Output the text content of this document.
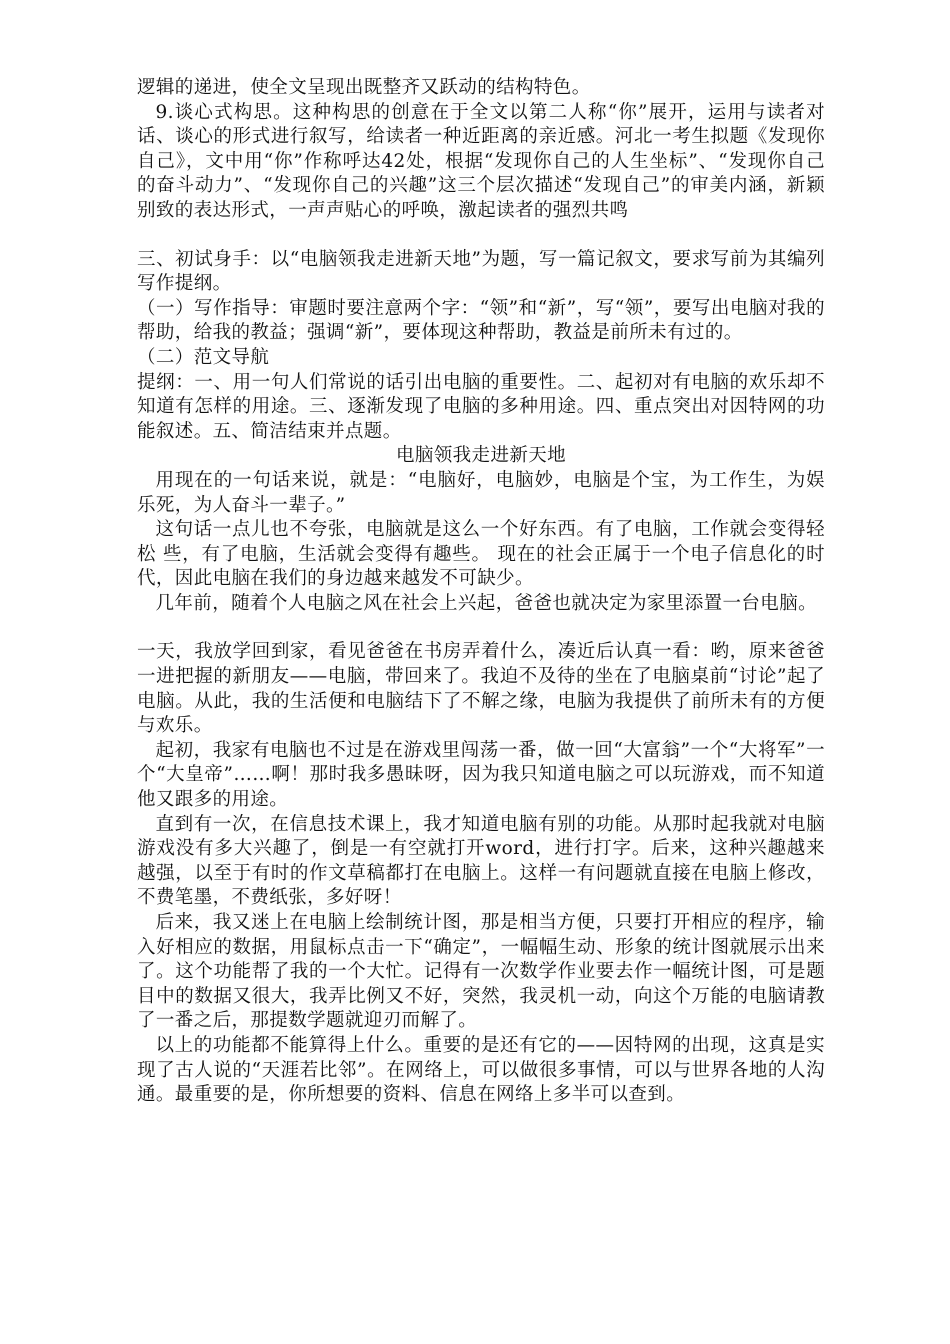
逻辑的递进，使全文呈现出既整齐又跃动的结构特色。

9.谈心式构思。这种构思的创意在于全文以第二人称“你”展开，运用与读者对话、谈心的形式进行叙写，给读者一种近距离的亲近感。河北一考生拟题《发现你自己》，文中用“你”作称呼达42处，根据“发现你自己的人生坐标”、“发现你自己的奋斗动力”、“发现你自己的兴趣”这三个层次描述“发现自己”的审美内涵，新颖别致的表达形式，一声声贴心的呼唤，激起读者的强烈共鸣

三、初试身手：以“电脑领我走进新天地”为题，写一篇记叙文，要求写前为其编列写作提纲。

（一）写作指导：审题时要注意两个字：“领”和“新”，写“领”，要写出电脑对我的帮助，给我的教益；强调“新”，要体现这种帮助，教益是前所未有过的。

（二）范文导航

提纲：一、用一句人们常说的话引出电脑的重要性。二、起初对有电脑的欢乐却不知道有怎样的用途。三、逐渐发现了电脑的多种用途。四、重点突出对因特网的功能叙述。五、简洁结束并点题。

电脑领我走进新天地

用现在的一句话来说，就是：“电脑好，电脑妙，电脑是个宝，为工作生，为娱乐死，为人奋斗一辈子。”

这句话一点儿也不夸张，电脑就是这么一个好东西。有了电脑，工作就会变得轻松 些，有了电脑，生活就会变得有趣些。 现在的社会正属于一个电子信息化的时代，因此电脑在我们的身边越来越发不可缺少。

几年前，随着个人电脑之风在社会上兴起，爸爸也就决定为家里添置一台电脑。

一天，我放学回到家，看见爸爸在书房弄着什么，凑近后认真一看：哟，原来爸爸一进把握的新朋友——电脑，带回来了。我迫不及待的坐在了电脑桌前“讨论”起了电脑。从此，我的生活便和电脑结下了不解之缘，电脑为我提供了前所未有的方便与欢乐。

起初，我家有电脑也不过是在游戏里闯荡一番，做一回“大富翁”一个“大将军”一个“大皇帝”……啊！那时我多愚昧呀，因为我只知道电脑之可以玩游戏，而不知道他又跟多的用途。

直到有一次，在信息技术课上，我才知道电脑有别的功能。从那时起我就对电脑游戏没有多大兴趣了，倒是一有空就打开word，进行打字。后来，这种兴趣越来越强，以至于有时的作文草稿都打在电脑上。这样一有问题就直接在电脑上修改，不费笔墨，不费纸张，多好呀！

后来，我又迷上在电脑上绘制统计图，那是相当方便，只要打开相应的程序，输入好相应的数据，用鼠标点击一下“确定”，一幅幅生动、形象的统计图就展示出来了。这个功能帮了我的一个大忙。记得有一次数学作业要去作一幅统计图，可是题目中的数据又很大，我弄比例又不好，突然，我灵机一动，向这个万能的电脑请教了一番之后，那提数学题就迎刃而解了。

以上的功能都不能算得上什么。重要的是还有它的——因特网的出现，这真是实现了古人说的“天涯若比邻”。在网络上，可以做很多事情，可以与世界各地的人沟通。最重要的是，你所想要的资料、信息在网络上多半可以查到。
